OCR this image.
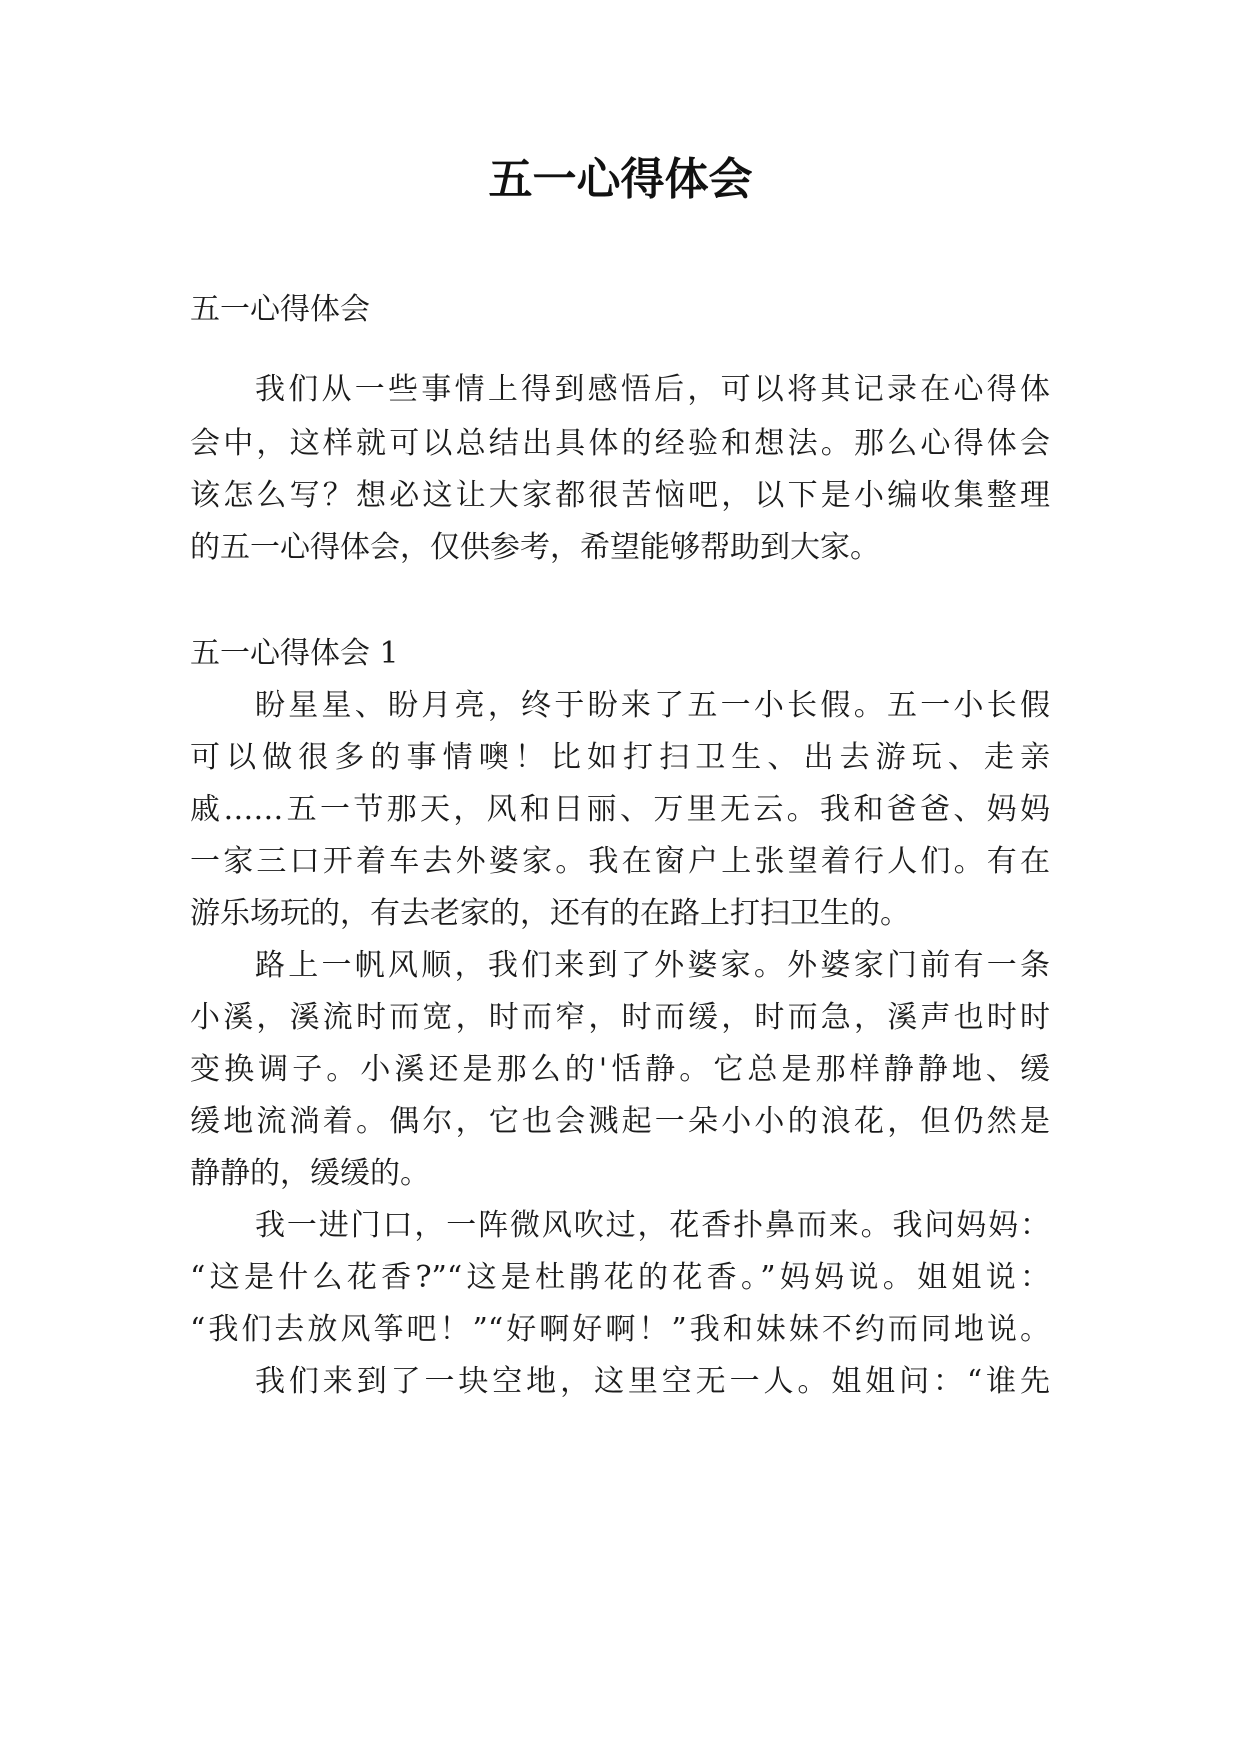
五一心得体会
五一心得体会
我们从一些事情上得到感悟后，可以将其记录在心得体
会中，这样就可以总结出具体的经验和想法。那么心得体会
该怎么写？想必这让大家都很苦恼吧，以下是小编收集整理
的五一心得体会，仅供参考，希望能够帮助到大家。
五一心得体会 1
盼星星、盼月亮，终于盼来了五一小长假。五一小长假
可以做很多的事情噢！比如打扫卫生、出去游玩、走亲
戚……五一节那天，风和日丽、万里无云。我和爸爸、妈妈
一家三口开着车去外婆家。我在窗户上张望着行人们。有在
游乐场玩的，有去老家的，还有的在路上打扫卫生的。
路上一帆风顺，我们来到了外婆家。外婆家门前有一条
小溪，溪流时而宽，时而窄，时而缓，时而急，溪声也时时
变换调子。小溪还是那么的'恬静。它总是那样静静地、缓
缓地流淌着。偶尔，它也会溅起一朵小小的浪花，但仍然是
静静的，缓缓的。
我一进门口，一阵微风吹过，花香扑鼻而来。我问妈妈：
“这是什么花香?”“这是杜鹃花的花香。”妈妈说。姐姐说：
“我们去放风筝吧！”“好啊好啊！”我和妹妹不约而同地说。
我们来到了一块空地，这里空无一人。姐姐问：“谁先
